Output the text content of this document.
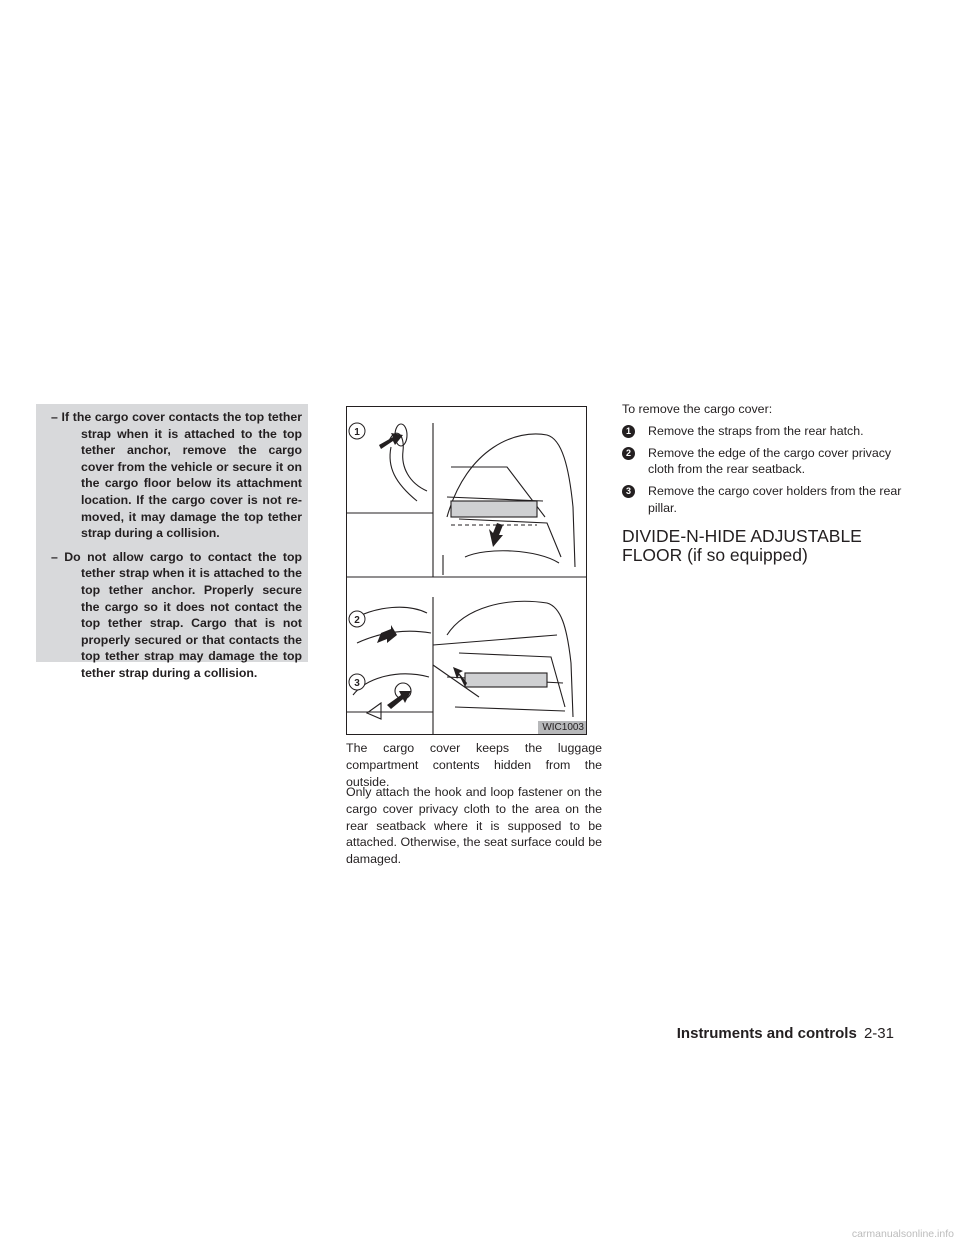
– If the cargo cover contacts the top tether strap when it is attached to the top tether anchor, remove the cargo cover from the vehicle or secure it on the cargo floor below its attachment location. If the cargo cover is not re-moved, it may damage the top tether strap during a collision.

– Do not allow cargo to contact the top tether strap when it is attached to the top tether anchor. Properly secure the cargo so it does not contact the top tether strap. Cargo that is not properly secured or that contacts the top tether strap may damage the top tether strap during a collision.

1
2
3
WIC1003

The cargo cover keeps the luggage compartment contents hidden from the outside.

Only attach the hook and loop fastener on the cargo cover privacy cloth to the area on the rear seatback where it is supposed to be attached. Otherwise, the seat surface could be damaged.

To remove the cargo cover:

1	Remove the straps from the rear hatch.
2	Remove the edge of the cargo cover privacy cloth from the rear seatback.
3	Remove the cargo cover holders from the rear pillar.
DIVIDE-N-HIDE ADJUSTABLE
FLOOR (if so equipped)
Instruments and controls 2-31
carmanualsonline.info
